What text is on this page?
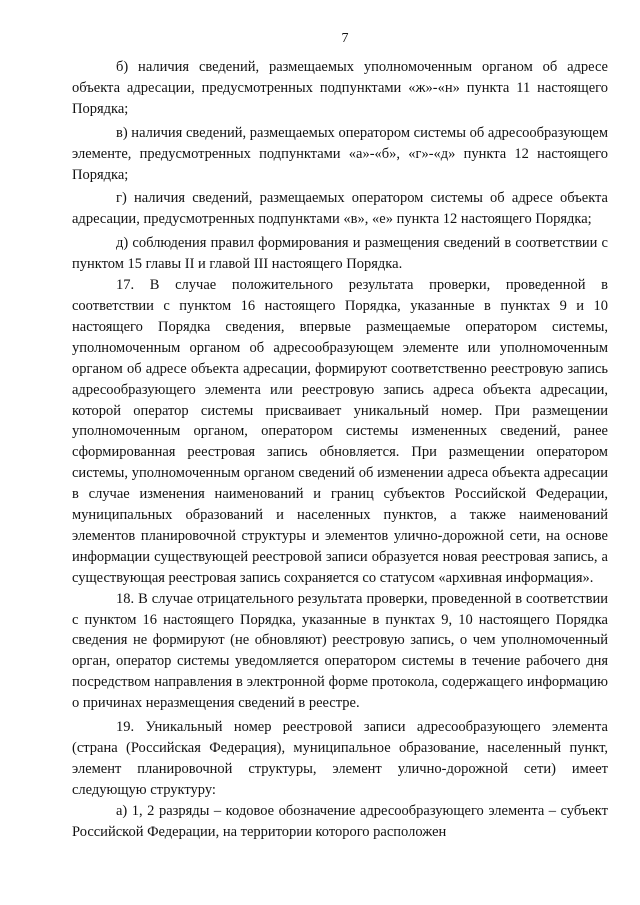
7

б) наличия сведений, размещаемых уполномоченным органом об адресе объекта адресации, предусмотренных подпунктами «ж»-«н» пункта 11 настоящего Порядка;

в) наличия сведений, размещаемых оператором системы об адресообразующем элементе, предусмотренных подпунктами «а»-«б», «г»-«д» пункта 12 настоящего Порядка;

г) наличия сведений, размещаемых оператором системы об адресе объекта адресации, предусмотренных подпунктами «в», «е» пункта 12 настоящего Порядка;

д) соблюдения правил формирования и размещения сведений в соответствии с пунктом 15 главы II и главой III настоящего Порядка.

17. В случае положительного результата проверки, проведенной в соответствии с пунктом 16 настоящего Порядка, указанные в пунктах 9 и 10 настоящего Порядка сведения, впервые размещаемые оператором системы, уполномоченным органом об адресообразующем элементе или уполномоченным органом об адресе объекта адресации, формируют соответственно реестровую запись адресообразующего элемента или реестровую запись адреса объекта адресации, которой оператор системы присваивает уникальный номер. При размещении уполномоченным органом, оператором системы измененных сведений, ранее сформированная реестровая запись обновляется. При размещении оператором системы, уполномоченным органом сведений об изменении адреса объекта адресации в случае изменения наименований и границ субъектов Российской Федерации, муниципальных образований и населенных пунктов, а также наименований элементов планировочной структуры и элементов улично-дорожной сети, на основе информации существующей реестровой записи образуется новая реестровая запись, а существующая реестровая запись сохраняется со статусом «архивная информация».

18. В случае отрицательного результата проверки, проведенной в соответствии с пунктом 16 настоящего Порядка, указанные в пунктах 9, 10 настоящего Порядка сведения не формируют (не обновляют) реестровую запись, о чем уполномоченный орган, оператор системы уведомляется оператором системы в течение рабочего дня посредством направления в электронной форме протокола, содержащего информацию о причинах неразмещения сведений в реестре.

19. Уникальный номер реестровой записи адресообразующего элемента (страна (Российская Федерация), муниципальное образование, населенный пункт, элемент планировочной структуры, элемент улично-дорожной сети) имеет следующую структуру:

а) 1, 2 разряды – кодовое обозначение адресообразующего элемента – субъект Российской Федерации, на территории которого расположен
